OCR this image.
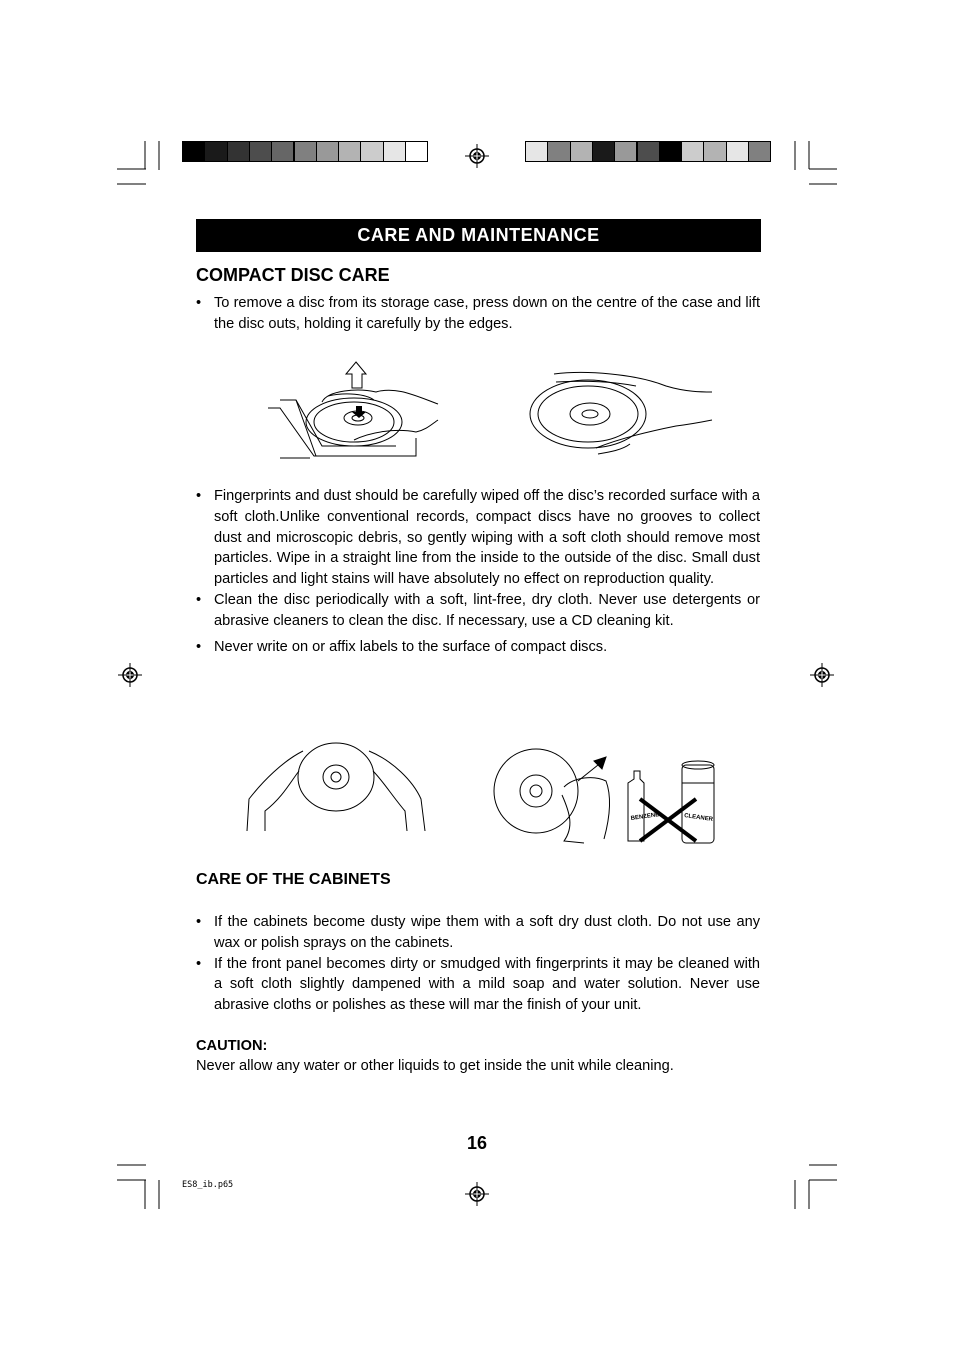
CARE AND MAINTENANCE
COMPACT DISC CARE
• To remove a disc from its storage case, press down on the centre of the case and lift the disc outs, holding it carefully by the edges.
• Fingerprints and dust should be carefully wiped off the disc’s recorded surface with a soft cloth.Unlike conventional records, compact discs have no grooves to collect dust and microscopic debris, so gently wiping with a soft cloth should remove most particles. Wipe in a straight line from the inside to the outside of the disc. Small dust particles and light stains will have absolutely no effect on reproduction quality.
• Clean the disc periodically with a soft, lint-free, dry cloth. Never use detergents or abrasive cleaners to clean the disc. If necessary, use a CD cleaning kit.
• Never write on or affix labels to the surface of compact discs.
BENZENE	CLEANER
CARE OF THE CABINETS
• If the cabinets become dusty wipe them with a soft dry dust cloth. Do not use any wax or polish sprays on the cabinets.
• If the front panel becomes dirty or smudged with fingerprints it may be cleaned with a soft cloth slightly dampened with a mild soap and water solution. Never use abrasive cloths or polishes as these will mar the finish of your unit.
CAUTION:
Never allow any water or other liquids to get inside the unit while cleaning.
16
ES8_ib.p65
